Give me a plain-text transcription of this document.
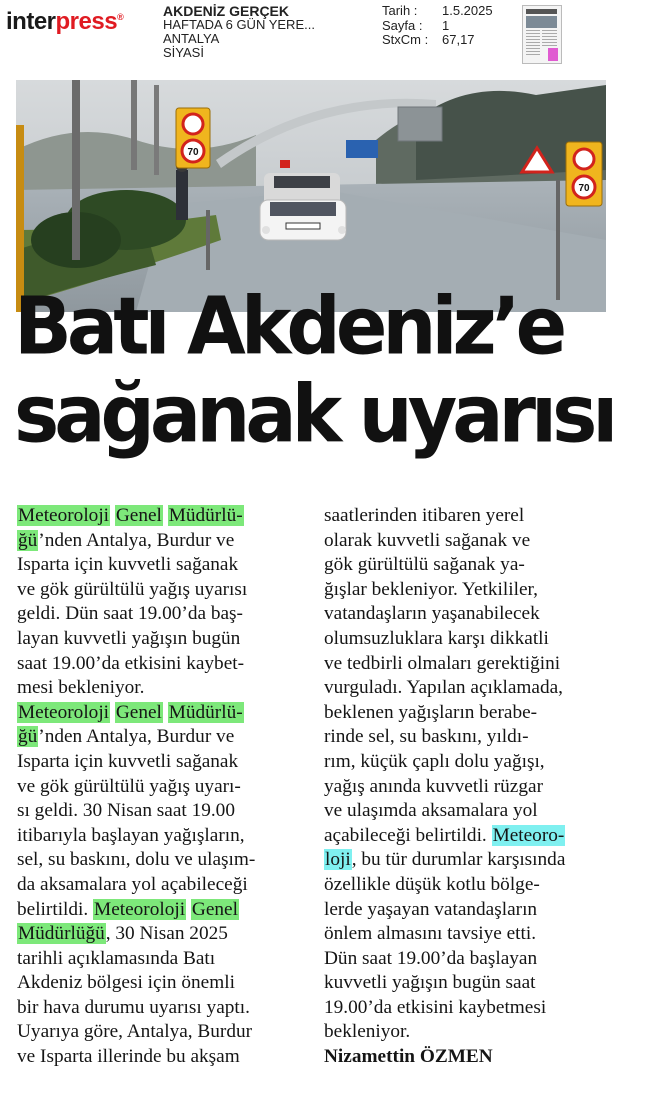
interpress®	AKDENİZ GERÇEK
HAFTADA 6 GÜN YERE...
ANTALYA
SİYASİ
Tarih :	1.5.2025
Sayfa :	1
StxCm :	67,17
70
70
Batı Akdeniz’e
sağanak uyarısı
Meteoroloji Genel Müdürlü-
ğü’nden Antalya, Burdur ve
Isparta için kuvvetli sağanak
ve gök gürültülü yağış uyarısı
geldi. Dün saat 19.00’da baş-
layan kuvvetli yağışın bugün
saat 19.00’da etkisini kaybet-
mesi bekleniyor.
Meteoroloji Genel Müdürlü-
ğü’nden Antalya, Burdur ve
Isparta için kuvvetli sağanak
ve gök gürültülü yağış uyarı-
sı geldi. 30 Nisan saat 19.00
itibarıyla başlayan yağışların,
sel, su baskını, dolu ve ulaşım-
da aksamalara yol açabileceği
belirtildi. Meteoroloji Genel
Müdürlüğü, 30 Nisan 2025
tarihli açıklamasında Batı
Akdeniz bölgesi için önemli
bir hava durumu uyarısı yaptı.
Uyarıya göre, Antalya, Burdur
ve Isparta illerinde bu akşam
saatlerinden itibaren yerel
olarak kuvvetli sağanak ve
gök gürültülü sağanak ya-
ğışlar bekleniyor. Yetkililer,
vatandaşların yaşanabilecek
olumsuzluklara karşı dikkatli
ve tedbirli olmaları gerektiğini
vurguladı. Yapılan açıklamada,
beklenen yağışların berabe-
rinde sel, su baskını, yıldı-
rım, küçük çaplı dolu yağışı,
yağış anında kuvvetli rüzgar
ve ulaşımda aksamalara yol
açabileceği belirtildi. Meteoro-
loji, bu tür durumlar karşısında
özellikle düşük kotlu bölge-
lerde yaşayan vatandaşların
önlem almasını tavsiye etti.
Dün saat 19.00’da başlayan
kuvvetli yağışın bugün saat
19.00’da etkisini kaybetmesi
bekleniyor.
Nizamettin ÖZMEN
